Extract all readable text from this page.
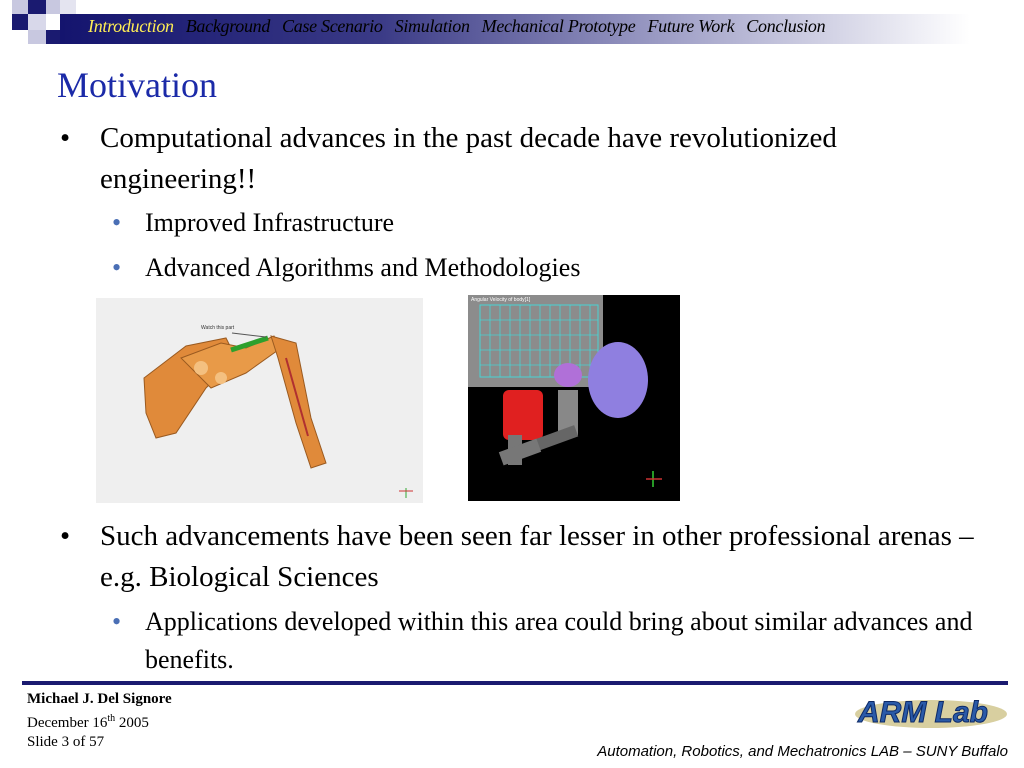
Introduction Background Case Scenario Simulation Mechanical Prototype Future Work Conclusion
Motivation
• Computational advances in the past decade have revolutionized engineering!!
• Improved Infrastructure
• Advanced Algorithms and Methodologies
Watch this part
Angular Velocity of body[1]
• Such advancements have been seen far lesser in other professional arenas – e.g. Biological Sciences
• Applications developed within this area could bring about similar advances and benefits.
Michael J. Del Signore
December 16th 2005
Slide 3 of 57
ARM Lab
Automation, Robotics, and Mechatronics LAB – SUNY Buffalo
